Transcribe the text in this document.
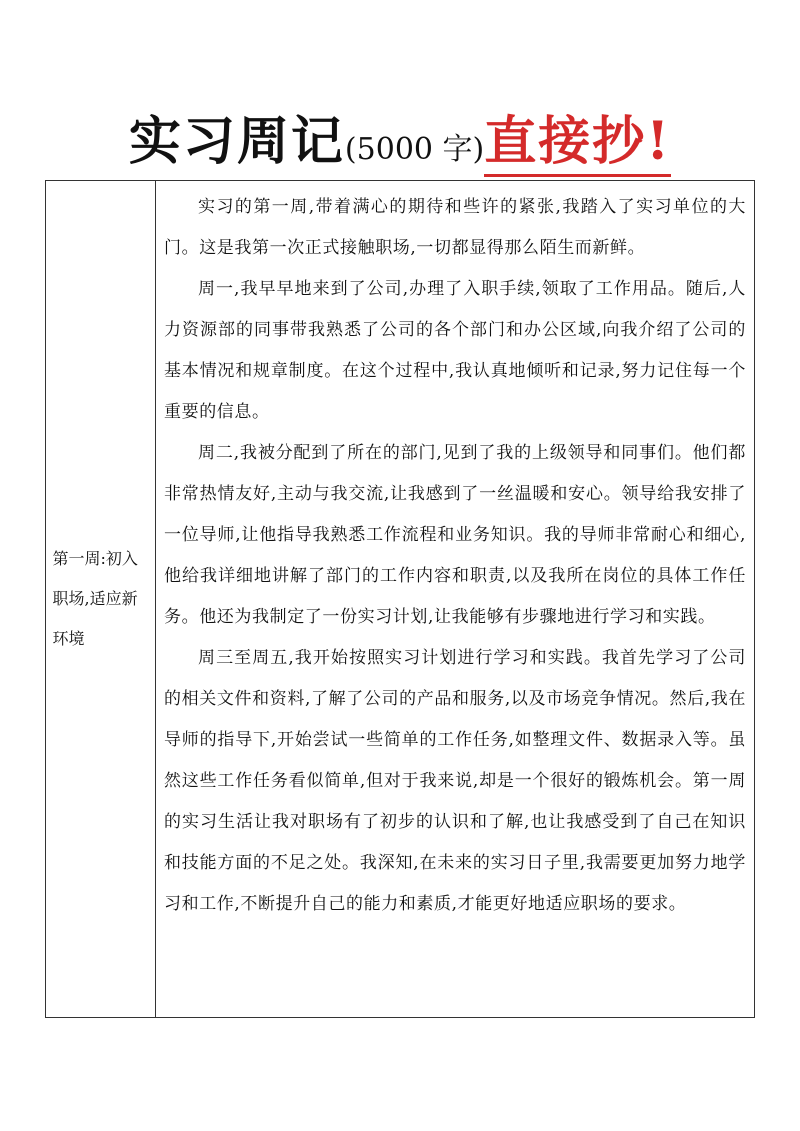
实习周记(5000 字)直接抄!
第一周:初入职场,适应新环境

实习的第一周,带着满心的期待和些许的紧张,我踏入了实习单位的大门。这是我第一次正式接触职场,一切都显得那么陌生而新鲜。

周一,我早早地来到了公司,办理了入职手续,领取了工作用品。随后,人力资源部的同事带我熟悉了公司的各个部门和办公区域,向我介绍了公司的基本情况和规章制度。在这个过程中,我认真地倾听和记录,努力记住每一个重要的信息。

周二,我被分配到了所在的部门,见到了我的上级领导和同事们。他们都非常热情友好,主动与我交流,让我感到了一丝温暖和安心。领导给我安排了一位导师,让他指导我熟悉工作流程和业务知识。我的导师非常耐心和细心,他给我详细地讲解了部门的工作内容和职责,以及我所在岗位的具体工作任务。他还为我制定了一份实习计划,让我能够有步骤地进行学习和实践。

周三至周五,我开始按照实习计划进行学习和实践。我首先学习了公司的相关文件和资料,了解了公司的产品和服务,以及市场竞争情况。然后,我在导师的指导下,开始尝试一些简单的工作任务,如整理文件、数据录入等。虽然这些工作任务看似简单,但对于我来说,却是一个很好的锻炼机会。第一周的实习生活让我对职场有了初步的认识和了解,也让我感受到了自己在知识和技能方面的不足之处。我深知,在未来的实习日子里,我需要更加努力地学习和工作,不断提升自己的能力和素质,才能更好地适应职场的要求。
